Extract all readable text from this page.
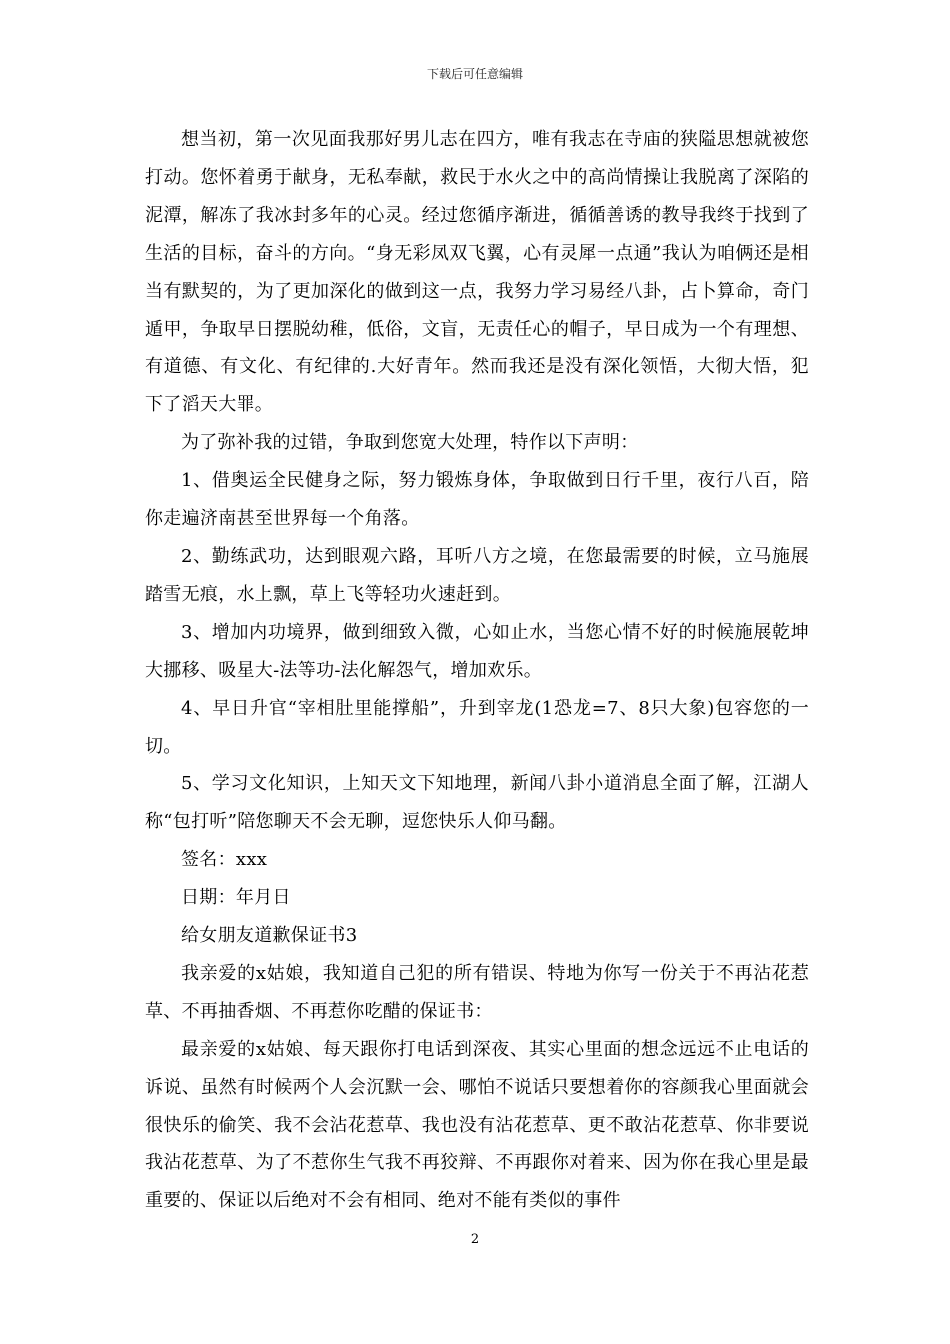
下载后可任意编辑

想当初，第一次见面我那好男儿志在四方，唯有我志在寺庙的狭隘思想就被您打动。您怀着勇于献身，无私奉献，救民于水火之中的高尚情操让我脱离了深陷的泥潭，解冻了我冰封多年的心灵。经过您循序渐进，循循善诱的教导我终于找到了生活的目标，奋斗的方向。“身无彩凤双飞翼，心有灵犀一点通”我认为咱俩还是相当有默契的，为了更加深化的做到这一点，我努力学习易经八卦，占卜算命，奇门遁甲，争取早日摆脱幼稚，低俗，文盲，无责任心的帽子，早日成为一个有理想、有道德、有文化、有纪律的.大好青年。然而我还是没有深化领悟，大彻大悟，犯下了滔天大罪。

为了弥补我的过错，争取到您宽大处理，特作以下声明：

1、借奥运全民健身之际，努力锻炼身体，争取做到日行千里，夜行八百，陪你走遍济南甚至世界每一个角落。

2、勤练武功，达到眼观六路，耳听八方之境，在您最需要的时候，立马施展踏雪无痕，水上飘，草上飞等轻功火速赶到。

3、增加内功境界，做到细致入微，心如止水，当您心情不好的时候施展乾坤大挪移、吸星大-法等功-法化解怨气，增加欢乐。

4、早日升官“宰相肚里能撑船”，升到宰龙(1恐龙=7、8只大象)包容您的一切。

5、学习文化知识，上知天文下知地理，新闻八卦小道消息全面了解，江湖人称“包打听”陪您聊天不会无聊，逗您快乐人仰马翻。

签名：xxx

日期：年月日

给女朋友道歉保证书3

我亲爱的x姑娘，我知道自己犯的所有错误、特地为你写一份关于不再沾花惹草、不再抽香烟、不再惹你吃醋的保证书：

最亲爱的x姑娘、每天跟你打电话到深夜、其实心里面的想念远远不止电话的诉说、虽然有时候两个人会沉默一会、哪怕不说话只要想着你的容颜我心里面就会很快乐的偷笑、我不会沾花惹草、我也没有沾花惹草、更不敢沾花惹草、你非要说我沾花惹草、为了不惹你生气我不再狡辩、不再跟你对着来、因为你在我心里是最重要的、保证以后绝对不会有相同、绝对不能有类似的事件

2
